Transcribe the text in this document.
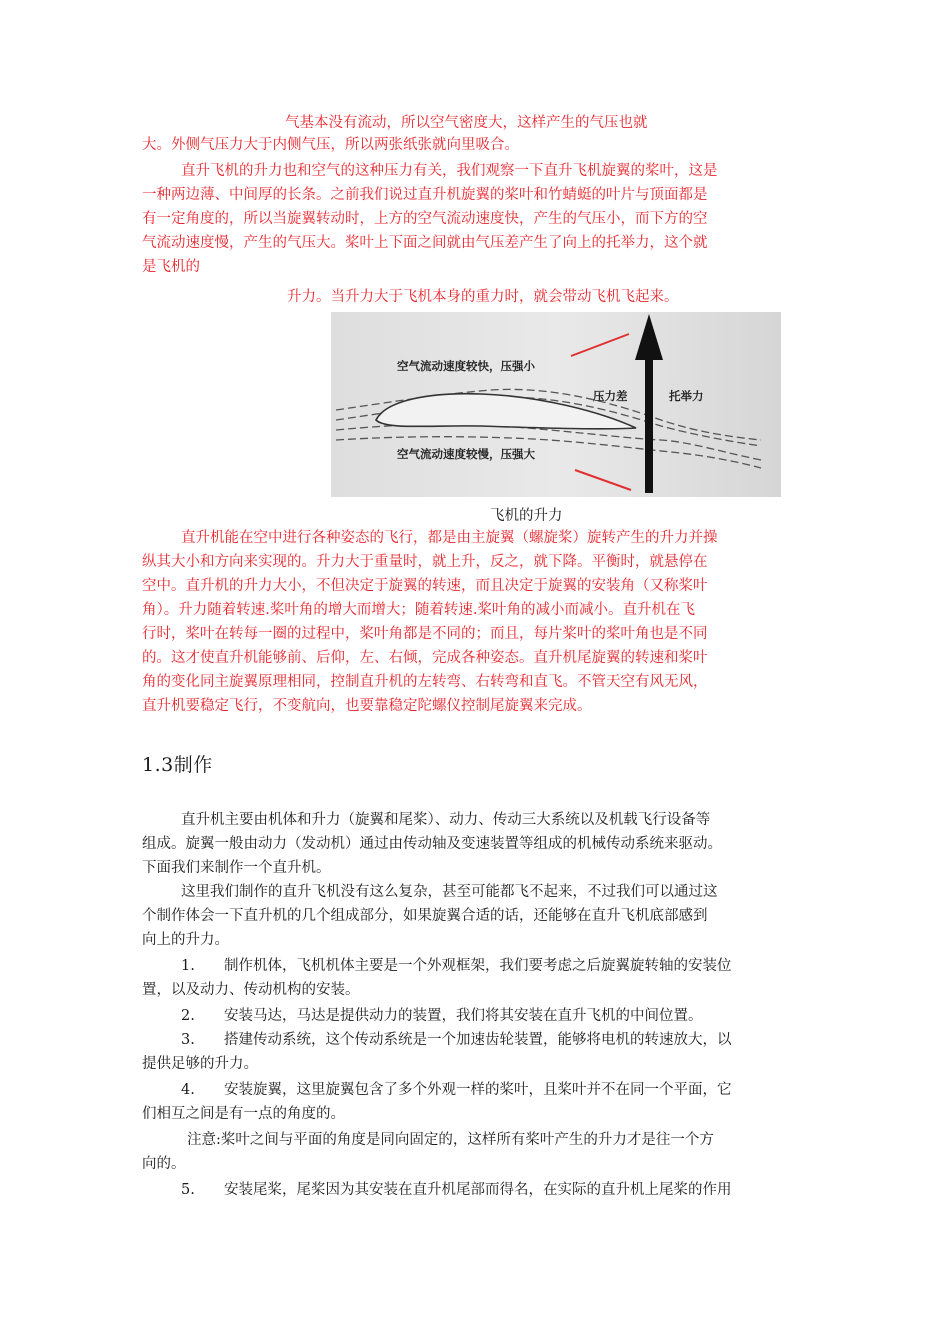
气基本没有流动，所以空气密度大，这样产生的气压也就
大。外侧气压力大于内侧气压，所以两张纸张就向里吸合。
直升飞机的升力也和空气的这种压力有关，我们观察一下直升飞机旋翼的桨叶，这是
一种两边薄、中间厚的长条。之前我们说过直升机旋翼的桨叶和竹蜻蜓的叶片与顶面都是
有一定角度的，所以当旋翼转动时，上方的空气流动速度快，产生的气压小，而下方的空
气流动速度慢，产生的气压大。桨叶上下面之间就由气压差产生了向上的托举力，这个就
是飞机的
升力。当升力大于飞机本身的重力时，就会带动飞机飞起来。
空气流动速度较快，压强小
空气流动速度较慢，压强大
压力差	托举力
飞机的升力
直升机能在空中进行各种姿态的飞行，都是由主旋翼（螺旋桨）旋转产生的升力并操
纵其大小和方向来实现的。升力大于重量时，就上升，反之，就下降。平衡时，就悬停在
空中。直升机的升力大小，不但决定于旋翼的转速，而且决定于旋翼的安装角（又称桨叶
角）。升力随着转速.桨叶角的增大而增大；随着转速.桨叶角的减小而减小。直升机在飞
行时，桨叶在转每一圈的过程中，桨叶角都是不同的；而且，每片桨叶的桨叶角也是不同
的。这才使直升机能够前、后仰，左、右倾，完成各种姿态。直升机尾旋翼的转速和桨叶
角的变化同主旋翼原理相同，控制直升机的左转弯、右转弯和直飞。不管天空有风无风，
直升机要稳定飞行，不变航向，也要靠稳定陀螺仪控制尾旋翼来完成。
1.3制作
直升机主要由机体和升力（旋翼和尾桨）、动力、传动三大系统以及机载飞行设备等
组成。旋翼一般由动力（发动机）通过由传动轴及变速装置等组成的机械传动系统来驱动。
下面我们来制作一个直升机。
这里我们制作的直升飞机没有这么复杂，甚至可能都飞不起来，不过我们可以通过这
个制作体会一下直升机的几个组成部分，如果旋翼合适的话，还能够在直升飞机底部感到
向上的升力。
1. 制作机体，飞机机体主要是一个外观框架，我们要考虑之后旋翼旋转轴的安装位
置，以及动力、传动机构的安装。
2. 安装马达，马达是提供动力的装置，我们将其安装在直升飞机的中间位置。
3. 搭建传动系统，这个传动系统是一个加速齿轮装置，能够将电机的转速放大，以
提供足够的升力。
4. 安装旋翼，这里旋翼包含了多个外观一样的桨叶，且桨叶并不在同一个平面，它
们相互之间是有一点的角度的。
注意:桨叶之间与平面的角度是同向固定的，这样所有桨叶产生的升力才是往一个方
向的。
5. 安装尾桨，尾桨因为其安装在直升机尾部而得名，在实际的直升机上尾桨的作用
